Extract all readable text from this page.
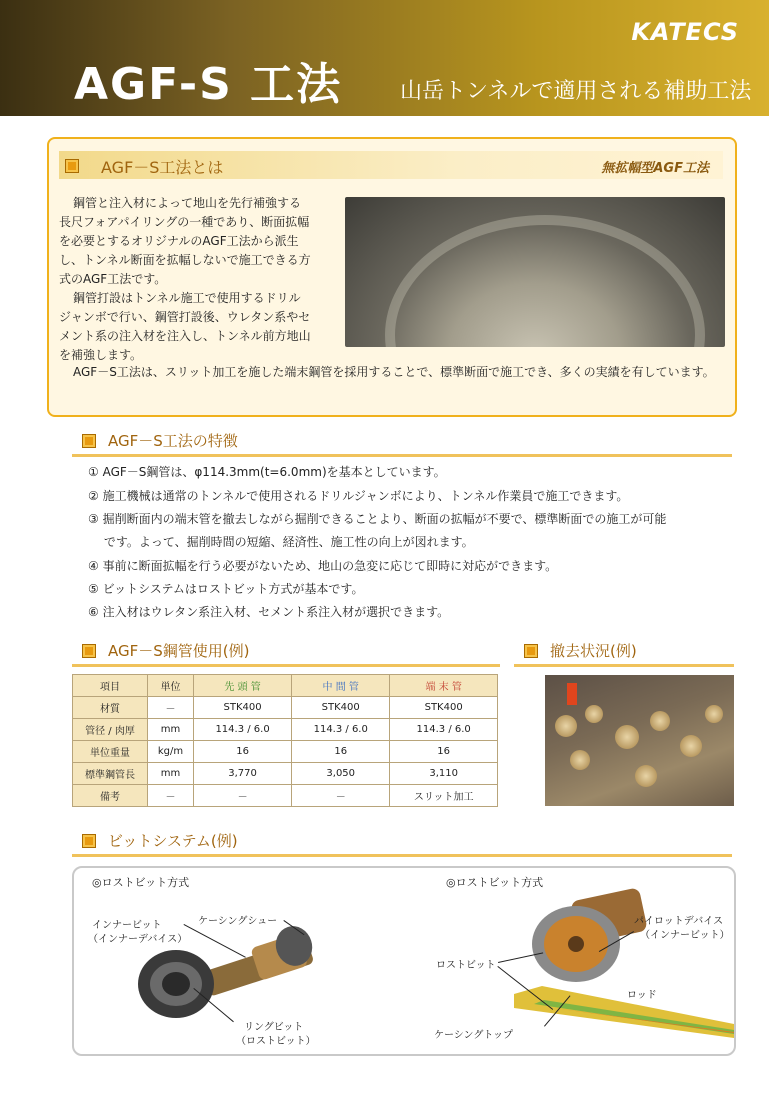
KATECS
AGF-S 工法	山岳トンネルで適用される補助工法
AGF－S工法とは	無拡幅型AGF工法
鋼管と注入材によって地山を先行補強する
長尺フォアパイリングの一種であり、断面拡幅
を必要とするオリジナルのAGF工法から派生
し、トンネル断面を拡幅しないで施工できる方
式のAGF工法です。
鋼管打設はトンネル施工で使用するドリル
ジャンボで行い、鋼管打設後、ウレタン系やセ
メント系の注入材を注入し、トンネル前方地山
を補強します。
AGF－S工法は、スリット加工を施した端末鋼管を採用することで、標準断面で施工でき、多くの実績を有しています。
AGF－S工法の特徴
① AGF－S鋼管は、φ114.3mm(t=6.0mm)を基本としています。
② 施工機械は通常のトンネルで使用されるドリルジャンボにより、トンネル作業員で施工できます。
③ 掘削断面内の端末管を撤去しながら掘削できることより、断面の拡幅が不要で、標準断面での施工が可能
　 です。よって、掘削時間の短縮、経済性、施工性の向上が図れます。
④ 事前に断面拡幅を行う必要がないため、地山の急変に応じて即時に対応ができます。
⑤ ビットシステムはロストビット方式が基本です。
⑥ 注入材はウレタン系注入材、セメント系注入材が選択できます。
AGF－S鋼管使用(例)
項目	単位	先 頭 管	中 間 管	端 末 管
材質	－	STK400	STK400	STK400
管径 / 肉厚	mm	114.3 / 6.0	114.3 / 6.0	114.3 / 6.0
単位重量	kg/m	16	16	16
標準鋼管長	mm	3,770	3,050	3,110
備考	－	－	－	スリット加工
撤去状況(例)
ビットシステム(例)
◎ロストビット方式	◎ロストビット方式
インナービット
（インナーデバイス）
ケーシングシュー
リングビット
（ロストビット）
パイロットデバイス
（インナービット）
ロストビット
ロッド
ケーシングトップ
